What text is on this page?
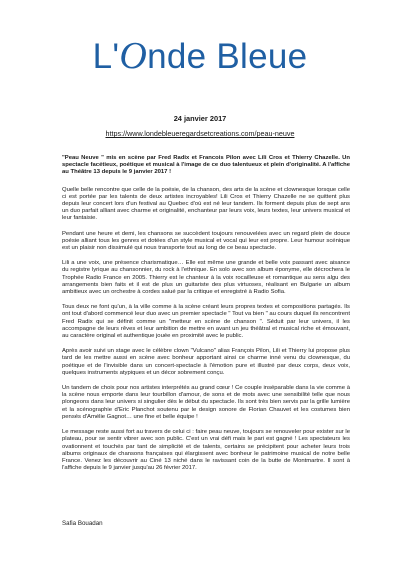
L'Onde Bleue
24 janvier 2017
https://www.londebleueregardsetcreations.com/peau-neuve

"Peau Neuve " mis en scène par Fred Radix et Francois Pilon avec Lili Cros et Thierry Chazelle. Un spectacle facétieux, poétique et musical à l'image de ce duo talentueux et plein d'originalité. A l'affiche au Théâtre 13 depuis le 9 janvier 2017 !

Quelle belle rencontre que celle de la poésie, de la chanson, des arts de la scène et clownesque lorsque celle ci est portée par les talents de deux artistes incroyables! Lili Cros et Thierry Chazelle ne se quittent plus depuis leur concert lors d'un festival au Quebec d'où est né leur tandem. Ils forment depuis plus de sept ans un duo parfait alliant avec charme et originalité, enchanteur par leurs voix, leurs textes, leur univers musical et leur fantaisie.

Pendant une heure et demi, les chansons se succèdent toujours renouvelées avec un regard plein de douce poésie alliant tous les genres et dotées d'un style musical et vocal qui leur est propre. Leur humour scénique est un plaisir non dissimulé qui nous transporte tout au long de ce beau spectacle.

Lili a une voix, une présence charismatique… Elle est même une grande et belle voix passant avec aisance du registre lyrique au chansonnier, du rock à l'ethnique. En solo avec son album éponyme, elle décrochera le Trophée Radio France en 2005. Thierry est le chanteur à la voix rocailleuse et romantique au sens algu des arrangements bien faits et il est de plus un guitariste des plus virtuoses, réalisant en Bulgarie un album ambitieux avec un orchestre à cordes salué par la critique et enregistré à Radio Sofia.

Tous deux ne font qu'un, à la ville comme à la scène créant leurs propres textes et compositions partagés. Ils ont tout d'abord commencé leur duo avec un premier spectacle " Tout va bien " au cours duquel ils rencontrent Fred Radix qui se définit comme un "metteur en scène de chanson ". Séduit par leur univers, il les accompagne de leurs rêves et leur ambition de mettre en avant un jeu théâtral et musical riche et émouvant, au caractère original et authentique jouée en proximité avec le public.

Après avoir suivi un stage avec le célèbre clown "Vulcano" alias François Pilon, Lili et Thierry lui propose plus tard de les mettre aussi en scène avec bonheur apportant ainsi ce charme inné venu du clownesque, du poétique et de l'invisible dans un concert-spectacle à l'émotion pure et illustré par deux corps, deux voix, quelques instruments atypiques et un décor sobrement conçu.

Un tandem de choix pour nos artistes interprétés au grand cœur ! Ce couple inséparable dans la vie comme à la scène nous emporte dans leur tourbillon d'amour, de sons et de mots avec une sensibilité telle que nous plongeons dans leur univers si singulier dès le début du spectacle. Ils sont très bien servis par la grille lumière et la scénographie d'Eric Planchot soutenu par le design sonore de Florian Chauvet et les costumes bien pensés d'Amélie Gagnot… une fine et belle équipe !

Le message reste aussi fort au travers de celui ci : faire peau neuve, toujours se renouveler pour exister sur le plateau, pour se sentir vibrer avec son public. C'est un vrai défi mais le pari est gagné ! Les spectateurs les ovationnent et touchés par tant de simplicité et de talents, certains se précipitent pour acheter leurs trois albums originaux de chansons françaises qui élargissent avec bonheur le patrimoine musical de notre belle France. Venez les découvrir au Ciné 13 niché dans le ravissant coin de la butte de Montmartre. Il sont à l'affiche depuis le 9 janvier jusqu'au 26 février 2017.

Safia Bouadan
